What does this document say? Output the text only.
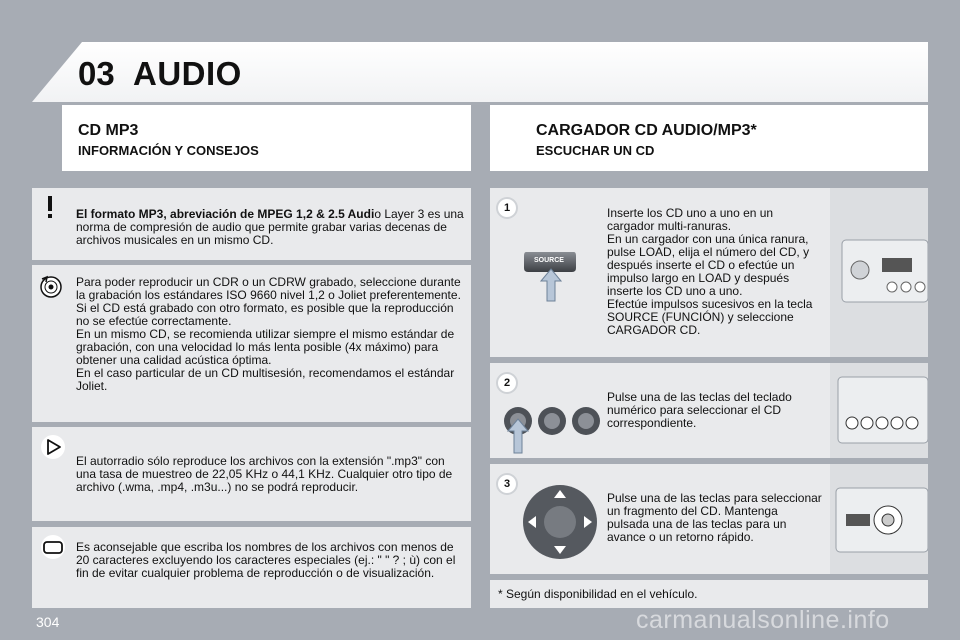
03 AUDIO
CD MP3
INFORMACIÓN Y CONSEJOS
CARGADOR CD AUDIO/MP3*
ESCUCHAR UN CD
El formato MP3, abreviación de MPEG 1,2 & 2.5 Audio Layer 3 es una norma de compresión de audio que permite grabar varias decenas de archivos musicales en un mismo CD.
Para poder reproducir un CDR o un CDRW grabado, seleccione durante la grabación los estándares ISO 9660 nivel 1,2 o Joliet preferentemente.
Si el CD está grabado con otro formato, es posible que la reproducción no se efectúe correctamente.
En un mismo CD, se recomienda utilizar siempre el mismo estándar de grabación, con una velocidad lo más lenta posible (4x máximo) para obtener una calidad acústica óptima.
En el caso particular de un CD multisesión, recomendamos el estándar Joliet.
El autorradio sólo reproduce los archivos con la extensión ".mp3" con una tasa de muestreo de 22,05 KHz o 44,1 KHz. Cualquier otro tipo de archivo (.wma, .mp4, .m3u...) no se podrá reproducir.
Es aconsejable que escriba los nombres de los archivos con menos de 20 caracteres excluyendo los caracteres especiales (ej.: " " ? ; ù) con el fin de evitar cualquier problema de reproducción o de visualización.
1
SOURCE
Inserte los CD uno a uno en un cargador multi-ranuras.
En un cargador con una única ranura, pulse LOAD, elija el número del CD, y después inserte el CD o efectúe un impulso largo en LOAD y después inserte los CD uno a uno.
Efectúe impulsos sucesivos en la tecla SOURCE (FUNCIÓN) y seleccione CARGADOR CD.
2
Pulse una de las teclas del teclado numérico para seleccionar el CD correspondiente.
3
Pulse una de las teclas para seleccionar un fragmento del CD. Mantenga pulsada una de las teclas para un avance o un retorno rápido.
* Según disponibilidad en el vehículo.
304	carmanualsonline.info
